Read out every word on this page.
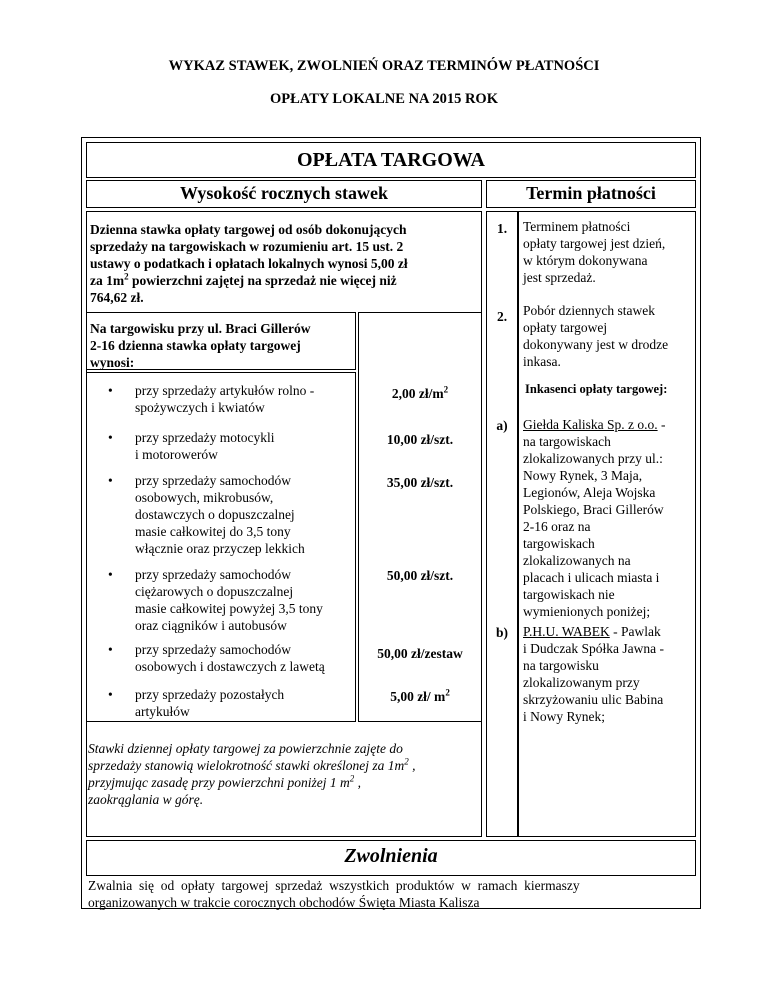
WYKAZ STAWEK, ZWOLNIEŃ ORAZ TERMINÓW PŁATNOŚCI
OPŁATY LOKALNE NA 2015 ROK
OPŁATA TARGOWA
Wysokość rocznych stawek	Termin płatności
Dzienna stawka opłaty targowej od osób dokonujących
sprzedaży na targowiskach w rozumieniu art. 15 ust. 2
ustawy o podatkach i opłatach lokalnych wynosi 5,00 zł
za $1m^2$ powierzchni zajętej na sprzedaż nie więcej niż
764,62 zł.
Na targowisku przy ul. Braci Gillerów
2-16 dzienna stawka opłaty targowej
wynosi:
• przy sprzedaży artykułów rolno -
spożywczych i kwiatów
2,00 $zł/m^2$
• przy sprzedaży motocykli
i motorowerów
10,00 zł/szt.
• przy sprzedaży samochodów
osobowych, mikrobusów,
dostawczych o dopuszczalnej
masie całkowitej do 3,5 tony
włącznie oraz przyczep lekkich
35,00 zł/szt.
• przy sprzedaży samochodów
ciężarowych o dopuszczalnej
masie całkowitej powyżej 3,5 tony
oraz ciągników i autobusów
50,00 zł/szt.
• przy sprzedaży samochodów
osobowych i dostawczych z lawetą
50,00 zł/zestaw
• przy sprzedaży pozostałych
artykułów
5,00 zł/ $m^2$
Stawki dziennej opłaty targowej za powierzchnie zajęte do
sprzedaży stanowią wielokrotność stawki określonej za $1m^2$ ,
przyjmując zasadę przy powierzchni poniżej 1 $m^2$ ,
zaokrąglania w górę.
1.	Terminem płatności
opłaty targowej jest dzień,
w którym dokonywana
jest sprzedaż.
2.	Pobór dziennych stawek
opłaty targowej
dokonywany jest w drodze
inkasa.
Inkasenci opłaty targowej:
a)	Giełda Kaliska Sp. z o.o. -
na targowiskach
zlokalizowanych przy ul.:
Nowy Rynek, 3 Maja,
Legionów, Aleja Wojska
Polskiego, Braci Gillerów
2-16 oraz na
targowiskach
zlokalizowanych na
placach i ulicach miasta i
targowiskach nie
wymienionych poniżej;
b)	P.H.U. WABEK - Pawlak
i Dudczak Spółka Jawna -
na targowisku
zlokalizowanym przy
skrzyżowaniu ulic Babina
i Nowy Rynek;
Zwolnienia
Zwalnia  się  od  opłaty  targowej  sprzedaż  wszystkich  produktów  w  ramach  kiermaszy
organizowanych w trakcie corocznych obchodów Święta Miasta Kalisza
